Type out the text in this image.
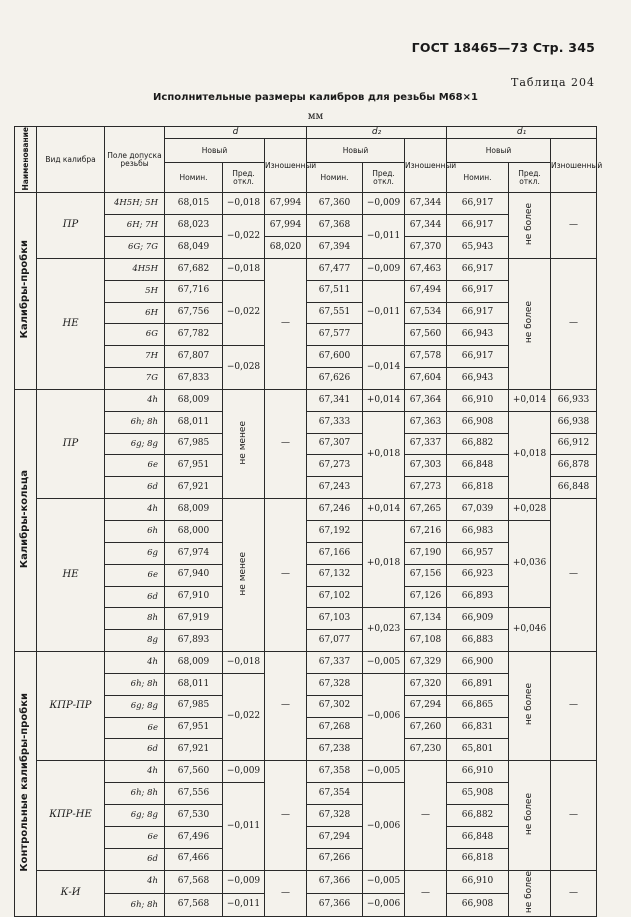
ГОСТ 18465—73 Стр. 345
Таблица 204
Исполнительные размеры калибров для резьбы M68×1
мм
Наименование	Вид калибра	Поле допуска резьбы	d			d₂			d₁		
			Новый		Изношенный	Новый		Изношенный	Новый		Изношенный
			Номин.	Пред. откл.		Номин.	Пред. откл.		Номин.	Пред. откл.	
Калибры-пробки	ПР	4H5H; 5H	68,015	−0,018	67,994	67,360	−0,009	67,344	66,917	не более	—
		6H; 7H	68,023	−0,022	67,994	67,368	−0,011	67,344	66,917		
		6G; 7G	68,049		68,020	67,394		67,370	65,943		
	НЕ	4H5H	67,682	−0,018	—	67,477	−0,009	67,463	66,917	не более	—
		5H	67,716	−0,022		67,511	−0,011	67,494	66,917		
		6H	67,756			67,551		67,534	66,917		
		6G	67,782			67,577		67,560	66,943		
		7H	67,807	−0,028		67,600	−0,014	67,578	66,917		
		7G	67,833			67,626		67,604	66,943		
Калибры-кольца	ПР	4h	68,009	не менее	—	67,341	+0,014	67,364	66,910	+0,014	66,933
		6h; 8h	68,011			67,333	+0,018	67,363	66,908	+0,018	66,938
		6g; 8g	67,985			67,307		67,337	66,882		66,912
		6e	67,951			67,273		67,303	66,848		66,878
		6d	67,921			67,243		67,273	66,818		66,848
	НЕ	4h	68,009	не менее	—	67,246	+0,014	67,265	67,039	+0,028	—
		6h	68,000			67,192	+0,018	67,216	66,983	+0,036	
		6g	67,974			67,166		67,190	66,957		
		6e	67,940			67,132		67,156	66,923		
		6d	67,910			67,102		67,126	66,893		
		8h	67,919			67,103	+0,023	67,134	66,909	+0,046	
		8g	67,893			67,077		67,108	66,883		
Контрольные калибры-пробки	КПР-ПР	4h	68,009	−0,018	—	67,337	−0,005	67,329	66,900	не более	—
		6h; 8h	68,011	−0,022		67,328	−0,006	67,320	66,891		
		6g; 8g	67,985			67,302		67,294	66,865		
		6e	67,951			67,268		67,260	66,831		
		6d	67,921			67,238		67,230	65,801		
	КПР-НЕ	4h	67,560	−0,009	—	67,358	−0,005	—	66,910	не более	—
		6h; 8h	67,556	−0,011		67,354	−0,006		65,908		
		6g; 8g	67,530			67,328			66,882		
		6e	67,496			67,294			66,848		
		6d	67,466			67,266			66,818		
	К-И	4h	67,568	−0,009	—	67,366	−0,005	—	66,910	не более	—
		6h; 8h	67,568	−0,011		67,366	−0,006		66,908		
